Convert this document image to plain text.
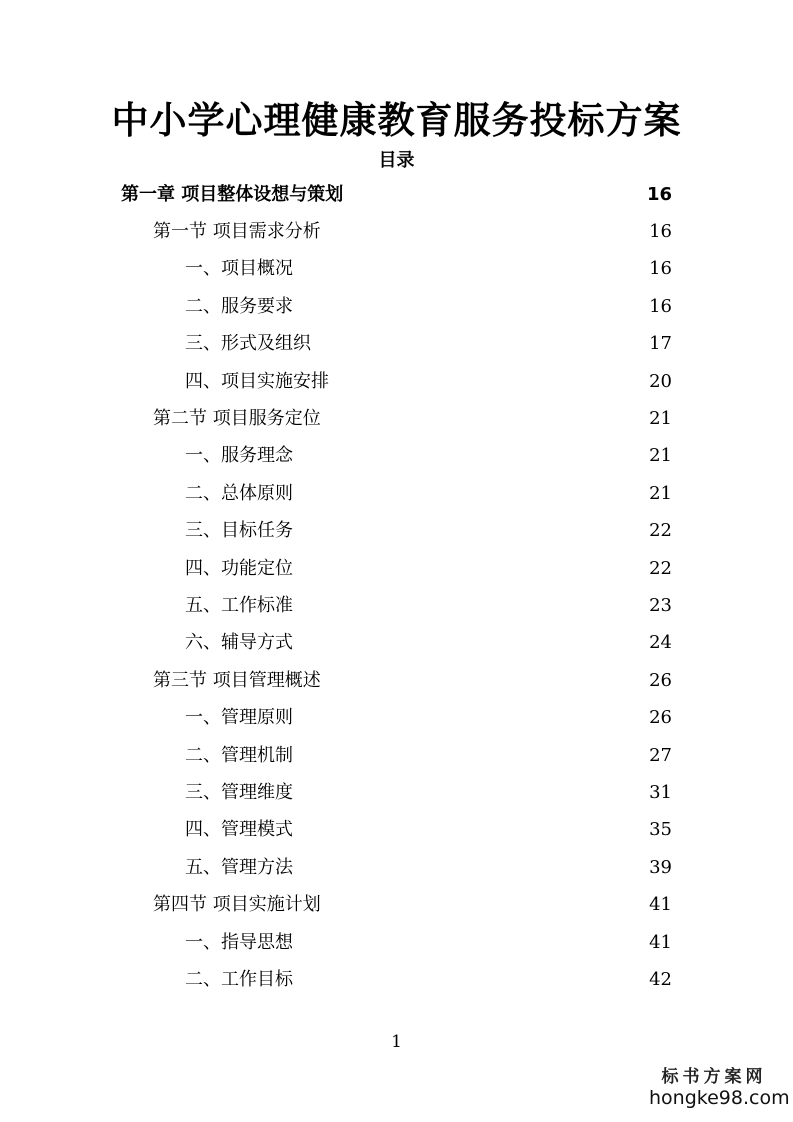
中小学心理健康教育服务投标方案
目录
第一章 项目整体设想与策划	16
第一节 项目需求分析	16
一、项目概况	16
二、服务要求	16
三、形式及组织	17
四、项目实施安排	20
第二节 项目服务定位	21
一、服务理念	21
二、总体原则	21
三、目标任务	22
四、功能定位	22
五、工作标准	23
六、辅导方式	24
第三节 项目管理概述	26
一、管理原则	26
二、管理机制	27
三、管理维度	31
四、管理模式	35
五、管理方法	39
第四节 项目实施计划	41
一、指导思想	41
二、工作目标	42
1
标书方案网
hongke98.com
